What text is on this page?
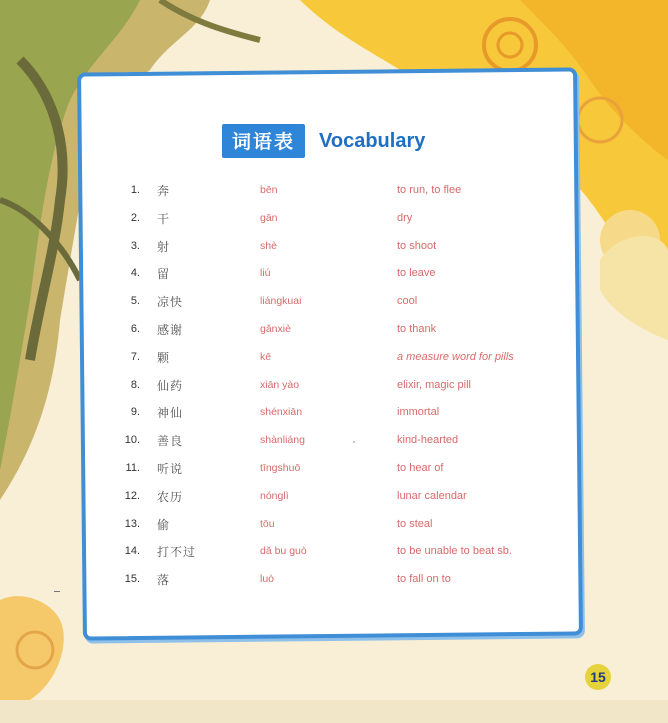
词语表	Vocabulary
1. 奔	bēn	to run, to flee
2. 干	gān	dry
3. 射	shè	to shoot
4. 留	liú	to leave
5. 凉快	liángkuai	cool
6. 感谢	gǎnxiè	to thank
7. 颗	kē	a measure word for pills
8. 仙药	xiān yào	elixir, magic pill
9. 神仙	shénxiān	immortal
10. 善良	shànliáng	kind-hearted
11. 听说	tīngshuō	to hear of
12. 农历	nónglì	lunar calendar
13. 偷	tōu	to steal
14. 打不过	dǎ bu guò	to be unable to beat sb.
15. 落	luò	to fall on to
15
